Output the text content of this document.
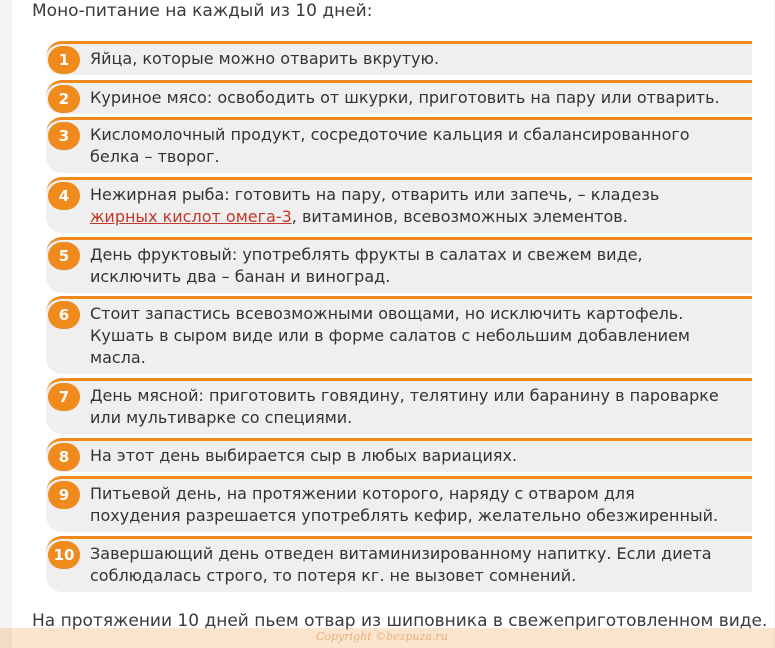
Моно-питание на каждый из 10 дней:
1	Яйца, которые можно отварить вкрутую.
2	Куриное мясо: освободить от шкурки, приготовить на пару или отварить.
3	Кисломолочный продукт, сосредоточие кальция и сбалансированного
белка – творог.
4	Нежирная рыба: готовить на пару, отварить или запечь, – кладезь
жирных кислот омега-3, витаминов, всевозможных элементов.
5	День фруктовый: употреблять фрукты в салатах и свежем виде,
исключить два – банан и виноград.
6	Стоит запастись всевозможными овощами, но исключить картофель.
Кушать в сыром виде или в форме салатов с небольшим добавлением
масла.
7	День мясной: приготовить говядину, телятину или баранину в пароварке
или мультиварке со специями.
8	На этот день выбирается сыр в любых вариациях.
9	Питьевой день, на протяжении которого, наряду с отваром для
похудения разрешается употреблять кефир, желательно обезжиренный.
10 Завершающий день отведен витаминизированному напитку. Если диета
соблюдалась строго, то потеря кг. не вызовет сомнений.
На протяжении 10 дней пьем отвар из шиповника в свежеприготовленном виде.
Copyright ©bezpuza.ru
